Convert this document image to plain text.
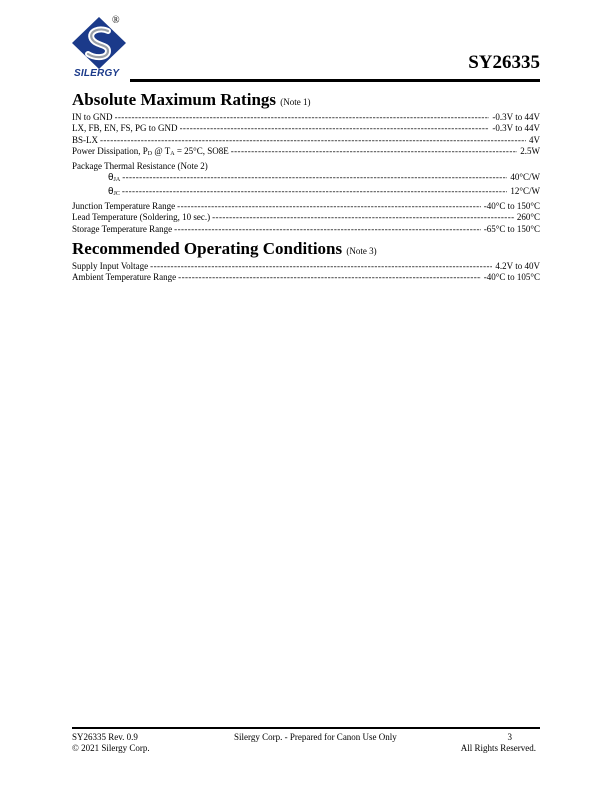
®
SILERGY
SY26335
Absolute Maximum Ratings (Note 1)
IN to GND -----	-0.3V to 44V
LX, FB, EN, FS, PG to GND -----	-0.3V to 44V
BS-LX -----	4V
Power Dissipation, $P_D$ @ $T_A = 25^\circ C$, SO8E -----	2.5W
Package Thermal Resistance (Note 2)
$\theta_{JA}$ -----	40°C/W
$\theta_{JC}$ -----	12°C/W
Junction Temperature Range -----	-40°C to 150°C
Lead Temperature (Soldering, 10 sec.) -----	260°C
Storage Temperature Range -----	-65°C to 150°C
Recommended Operating Conditions (Note 3)
Supply Input Voltage -----	4.2V to 40V
Ambient Temperature Range -----	-40°C to 105°C
SY26335 Rev. 0.9	Silergy Corp. - Prepared for Canon Use Only	3
© 2021 Silergy Corp.	All Rights Reserved.
